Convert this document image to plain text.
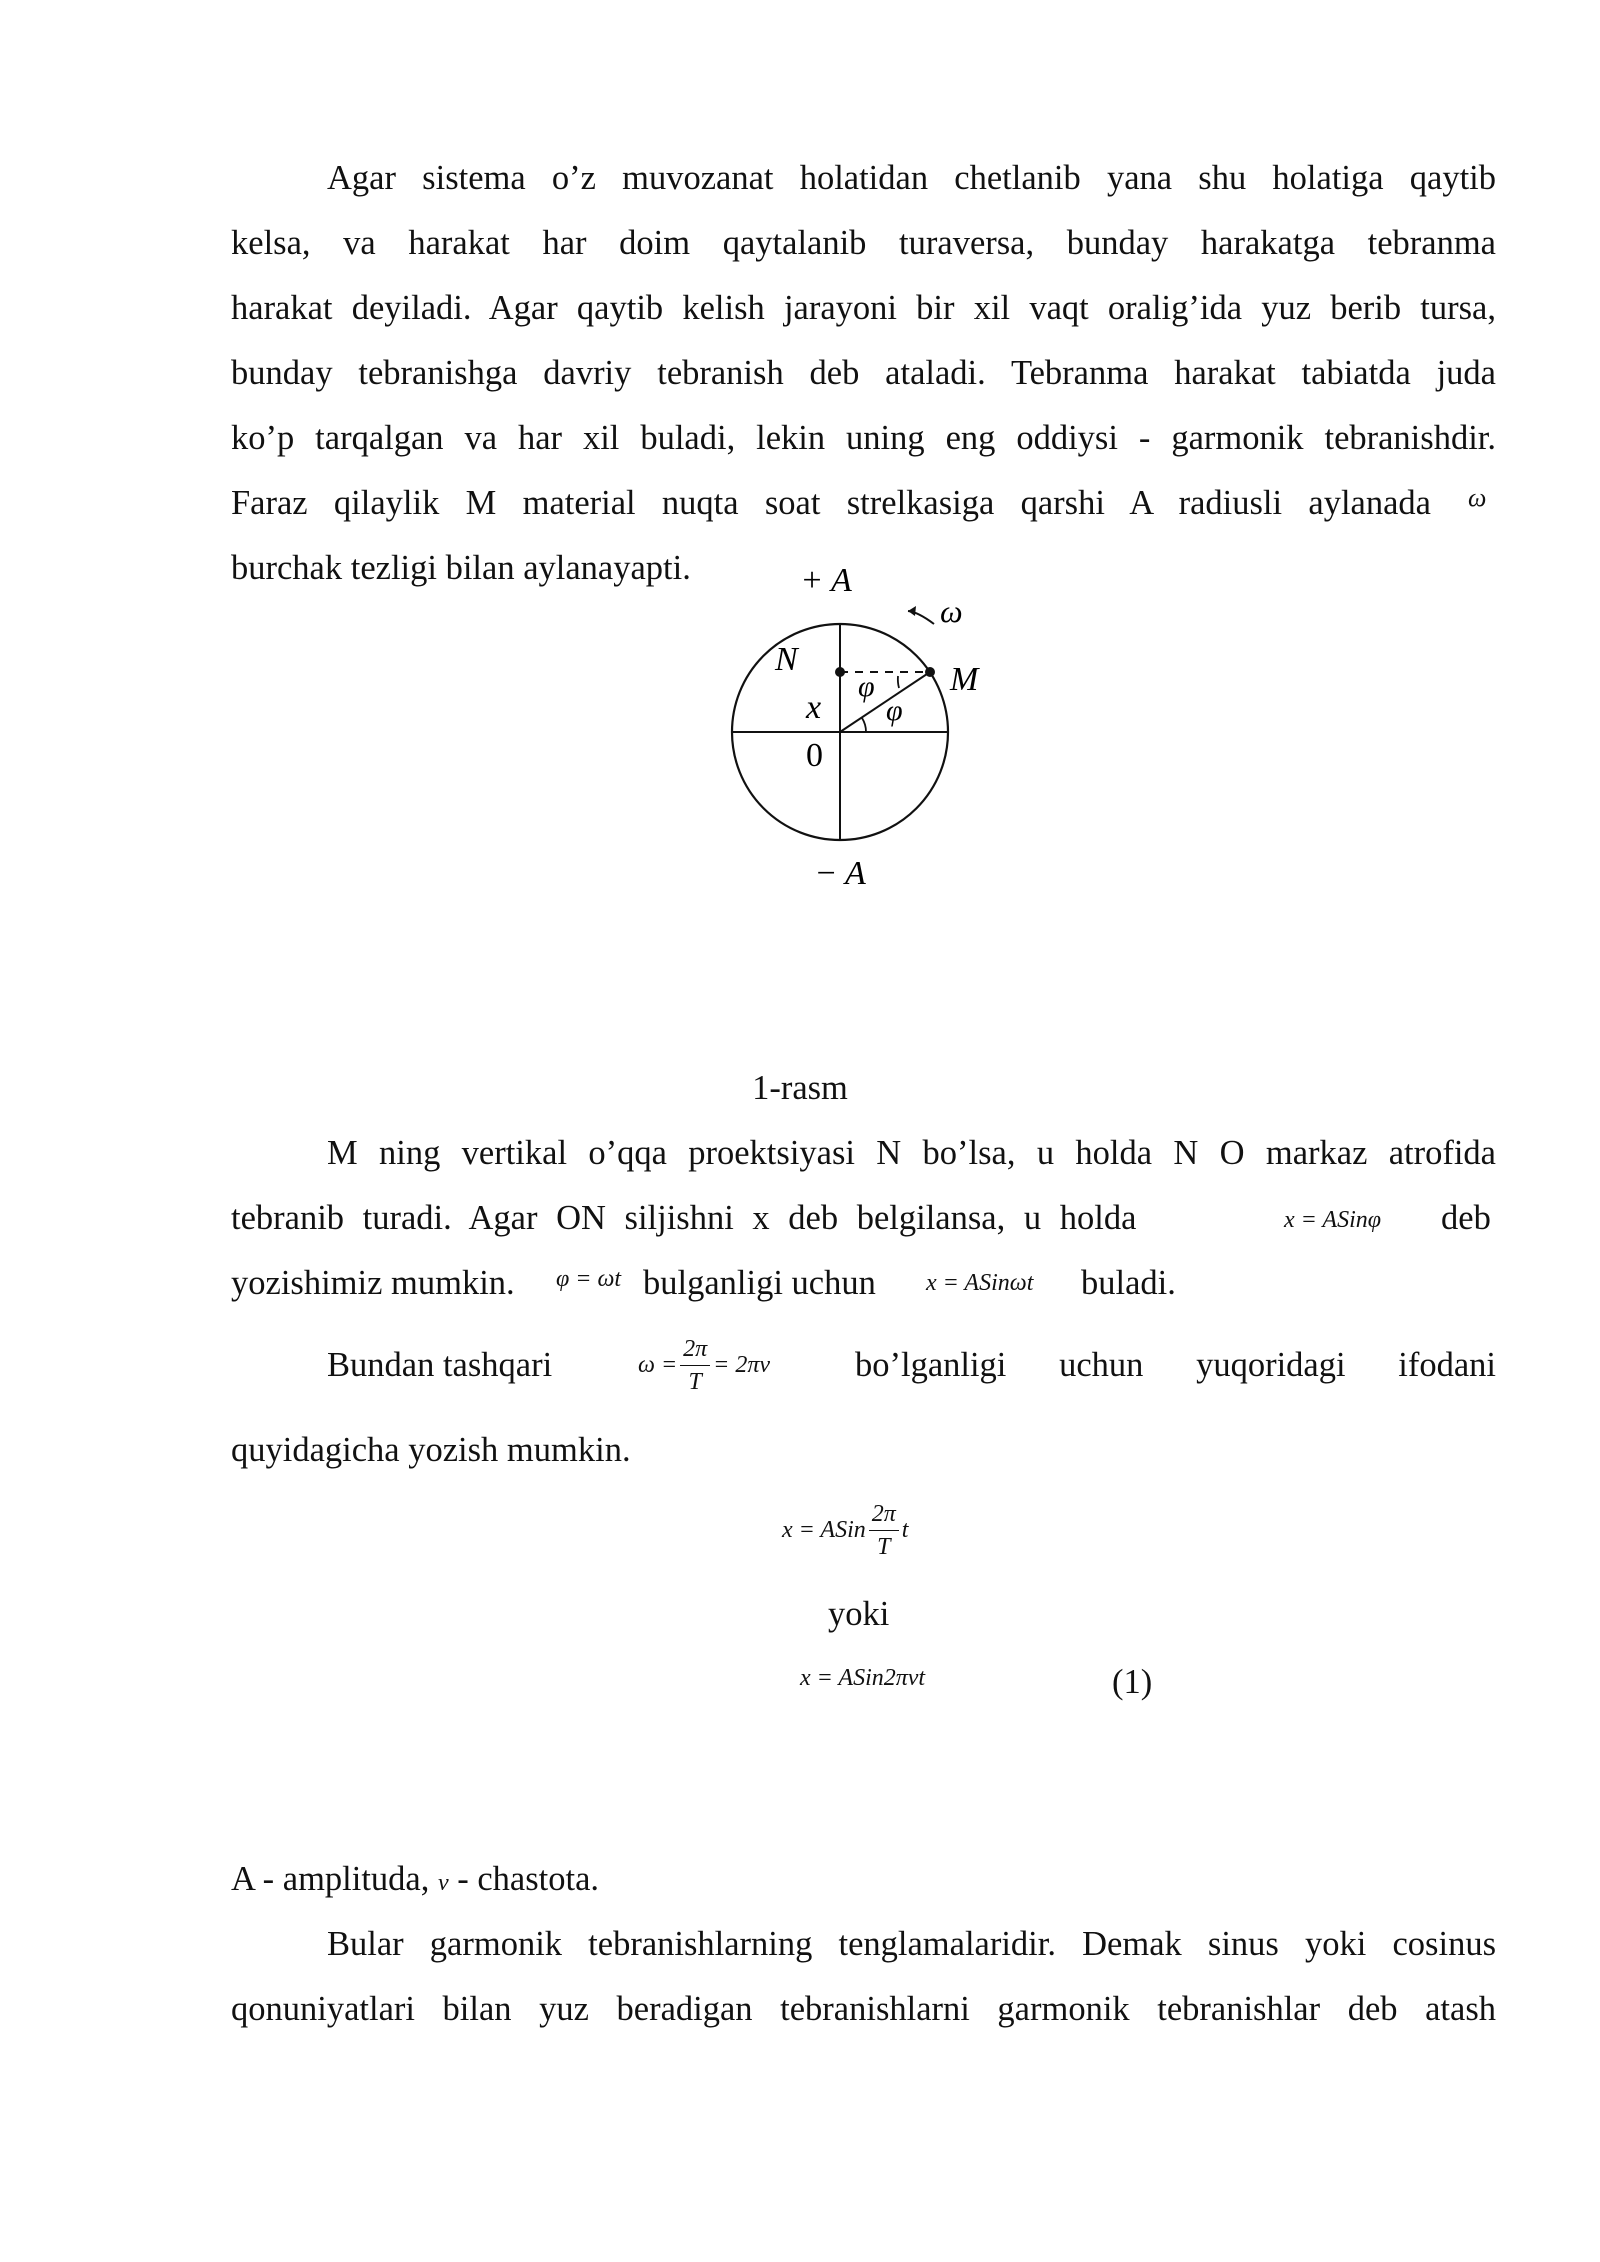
Agar sistema o’z muvozanat holatidan chetlanib yana shu holatiga qaytib
kelsa, va harakat har doim qaytalanib turaversa, bunday harakatga tebranma
harakat deyiladi. Agar qaytib kelish jarayoni bir xil vaqt oralig’ida yuz berib tursa,
bunday tebranishga davriy tebranish deb ataladi. Tebranma harakat tabiatda juda
ko’p tarqalgan va har xil buladi, lekin uning eng oddiysi - garmonik tebranishdir.
Faraz qilaylik M material nuqta soat strelkasiga qarshi A radiusli aylanada ω
burchak tezligi bilan aylanayapti.	+ A
ω
N
M
x
0
φ
φ
− A
1-rasm
M ning vertikal o’qqa proektsiyasi N bo’lsa, u holda N O markaz atrofida
tebranib turadi. Agar ON siljishni x deb belgilansa, u holda	x = ASinφ deb
yozishimiz mumkin. φ = ωt bulganligi uchun x = ASinωt buladi.
Bundan tashqari	$\omega = \frac{2\pi}{T} = 2\pi\nu$ bo’lganligi uchun yuqoridagi ifodani
quyidagicha yozish mumkin.
x = ASin $\frac{2\pi}{T}$ t
yoki
x = ASin2πνt	(1)
A - amplituda, ν - chastota.
Bular garmonik tebranishlarning tenglamalaridir. Demak sinus yoki cosinus
qonuniyatlari bilan yuz beradigan tebranishlarni garmonik tebranishlar deb atash
